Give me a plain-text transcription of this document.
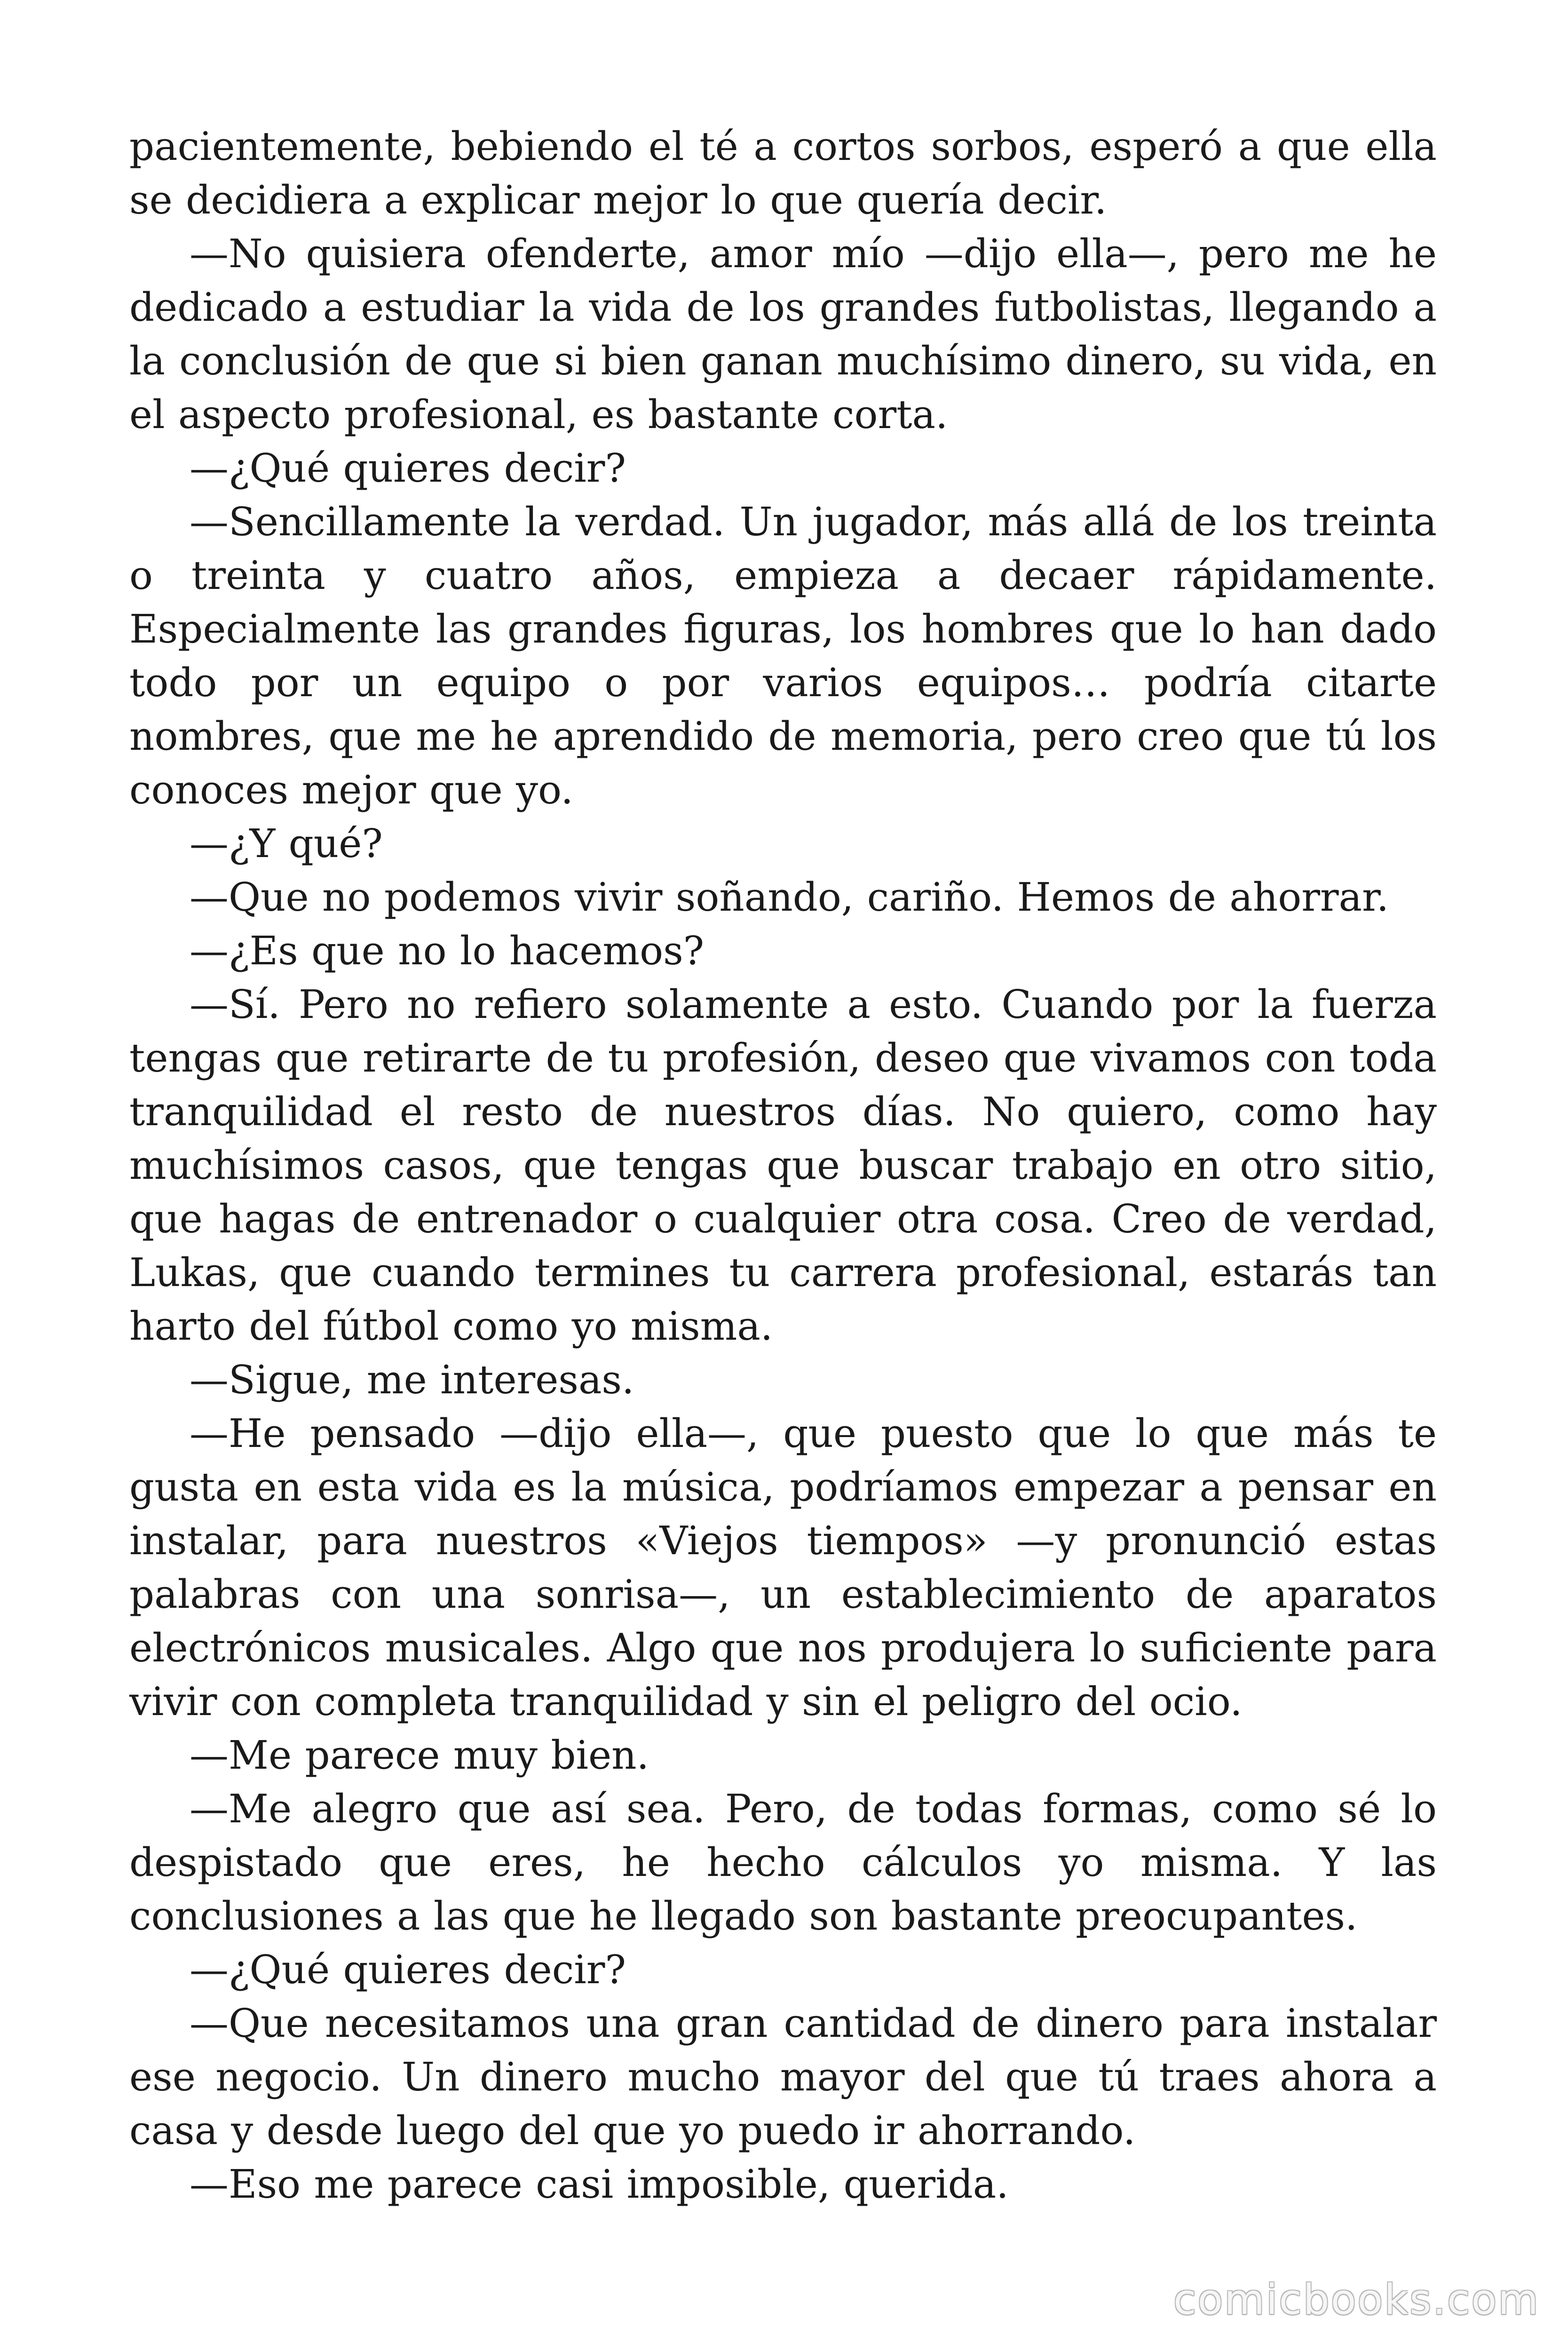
pacientemente, bebiendo el té a cortos sorbos, esperó a que ella se decidiera a explicar mejor lo que quería decir.

—No quisiera ofenderte, amor mío —dijo ella—, pero me he dedicado a estudiar la vida de los grandes futbolistas, llegando a la conclusión de que si bien ganan muchísimo dinero, su vida, en el aspecto profesional, es bastante corta.

—¿Qué quieres decir?

—Sencillamente la verdad. Un jugador, más allá de los treinta o treinta y cuatro años, empieza a decaer rápidamente. Especialmente las grandes figuras, los hombres que lo han dado todo por un equipo o por varios equipos… podría citarte nombres, que me he aprendido de memoria, pero creo que tú los conoces mejor que yo.

—¿Y qué?

—Que no podemos vivir soñando, cariño. Hemos de ahorrar.

—¿Es que no lo hacemos?

—Sí. Pero no refiero solamente a esto. Cuando por la fuerza tengas que retirarte de tu profesión, deseo que vivamos con toda tranquilidad el resto de nuestros días. No quiero, como hay muchísimos casos, que tengas que buscar trabajo en otro sitio, que hagas de entrenador o cualquier otra cosa. Creo de verdad, Lukas, que cuando termines tu carrera profesional, estarás tan harto del fútbol como yo misma.

—Sigue, me interesas.

—He pensado —dijo ella—, que puesto que lo que más te gusta en esta vida es la música, podríamos empezar a pensar en instalar, para nuestros «Viejos tiempos» —y pronunció estas palabras con una sonrisa—, un establecimiento de aparatos electrónicos musicales. Algo que nos produjera lo suficiente para vivir con completa tranquilidad y sin el peligro del ocio.

—Me parece muy bien.

—Me alegro que así sea. Pero, de todas formas, como sé lo despistado que eres, he hecho cálculos yo misma. Y las conclusiones a las que he llegado son bastante preocupantes.

—¿Qué quieres decir?

—Que necesitamos una gran cantidad de dinero para instalar ese negocio. Un dinero mucho mayor del que tú traes ahora a casa y desde luego del que yo puedo ir ahorrando.

—Eso me parece casi imposible, querida.

comicbooks.com
